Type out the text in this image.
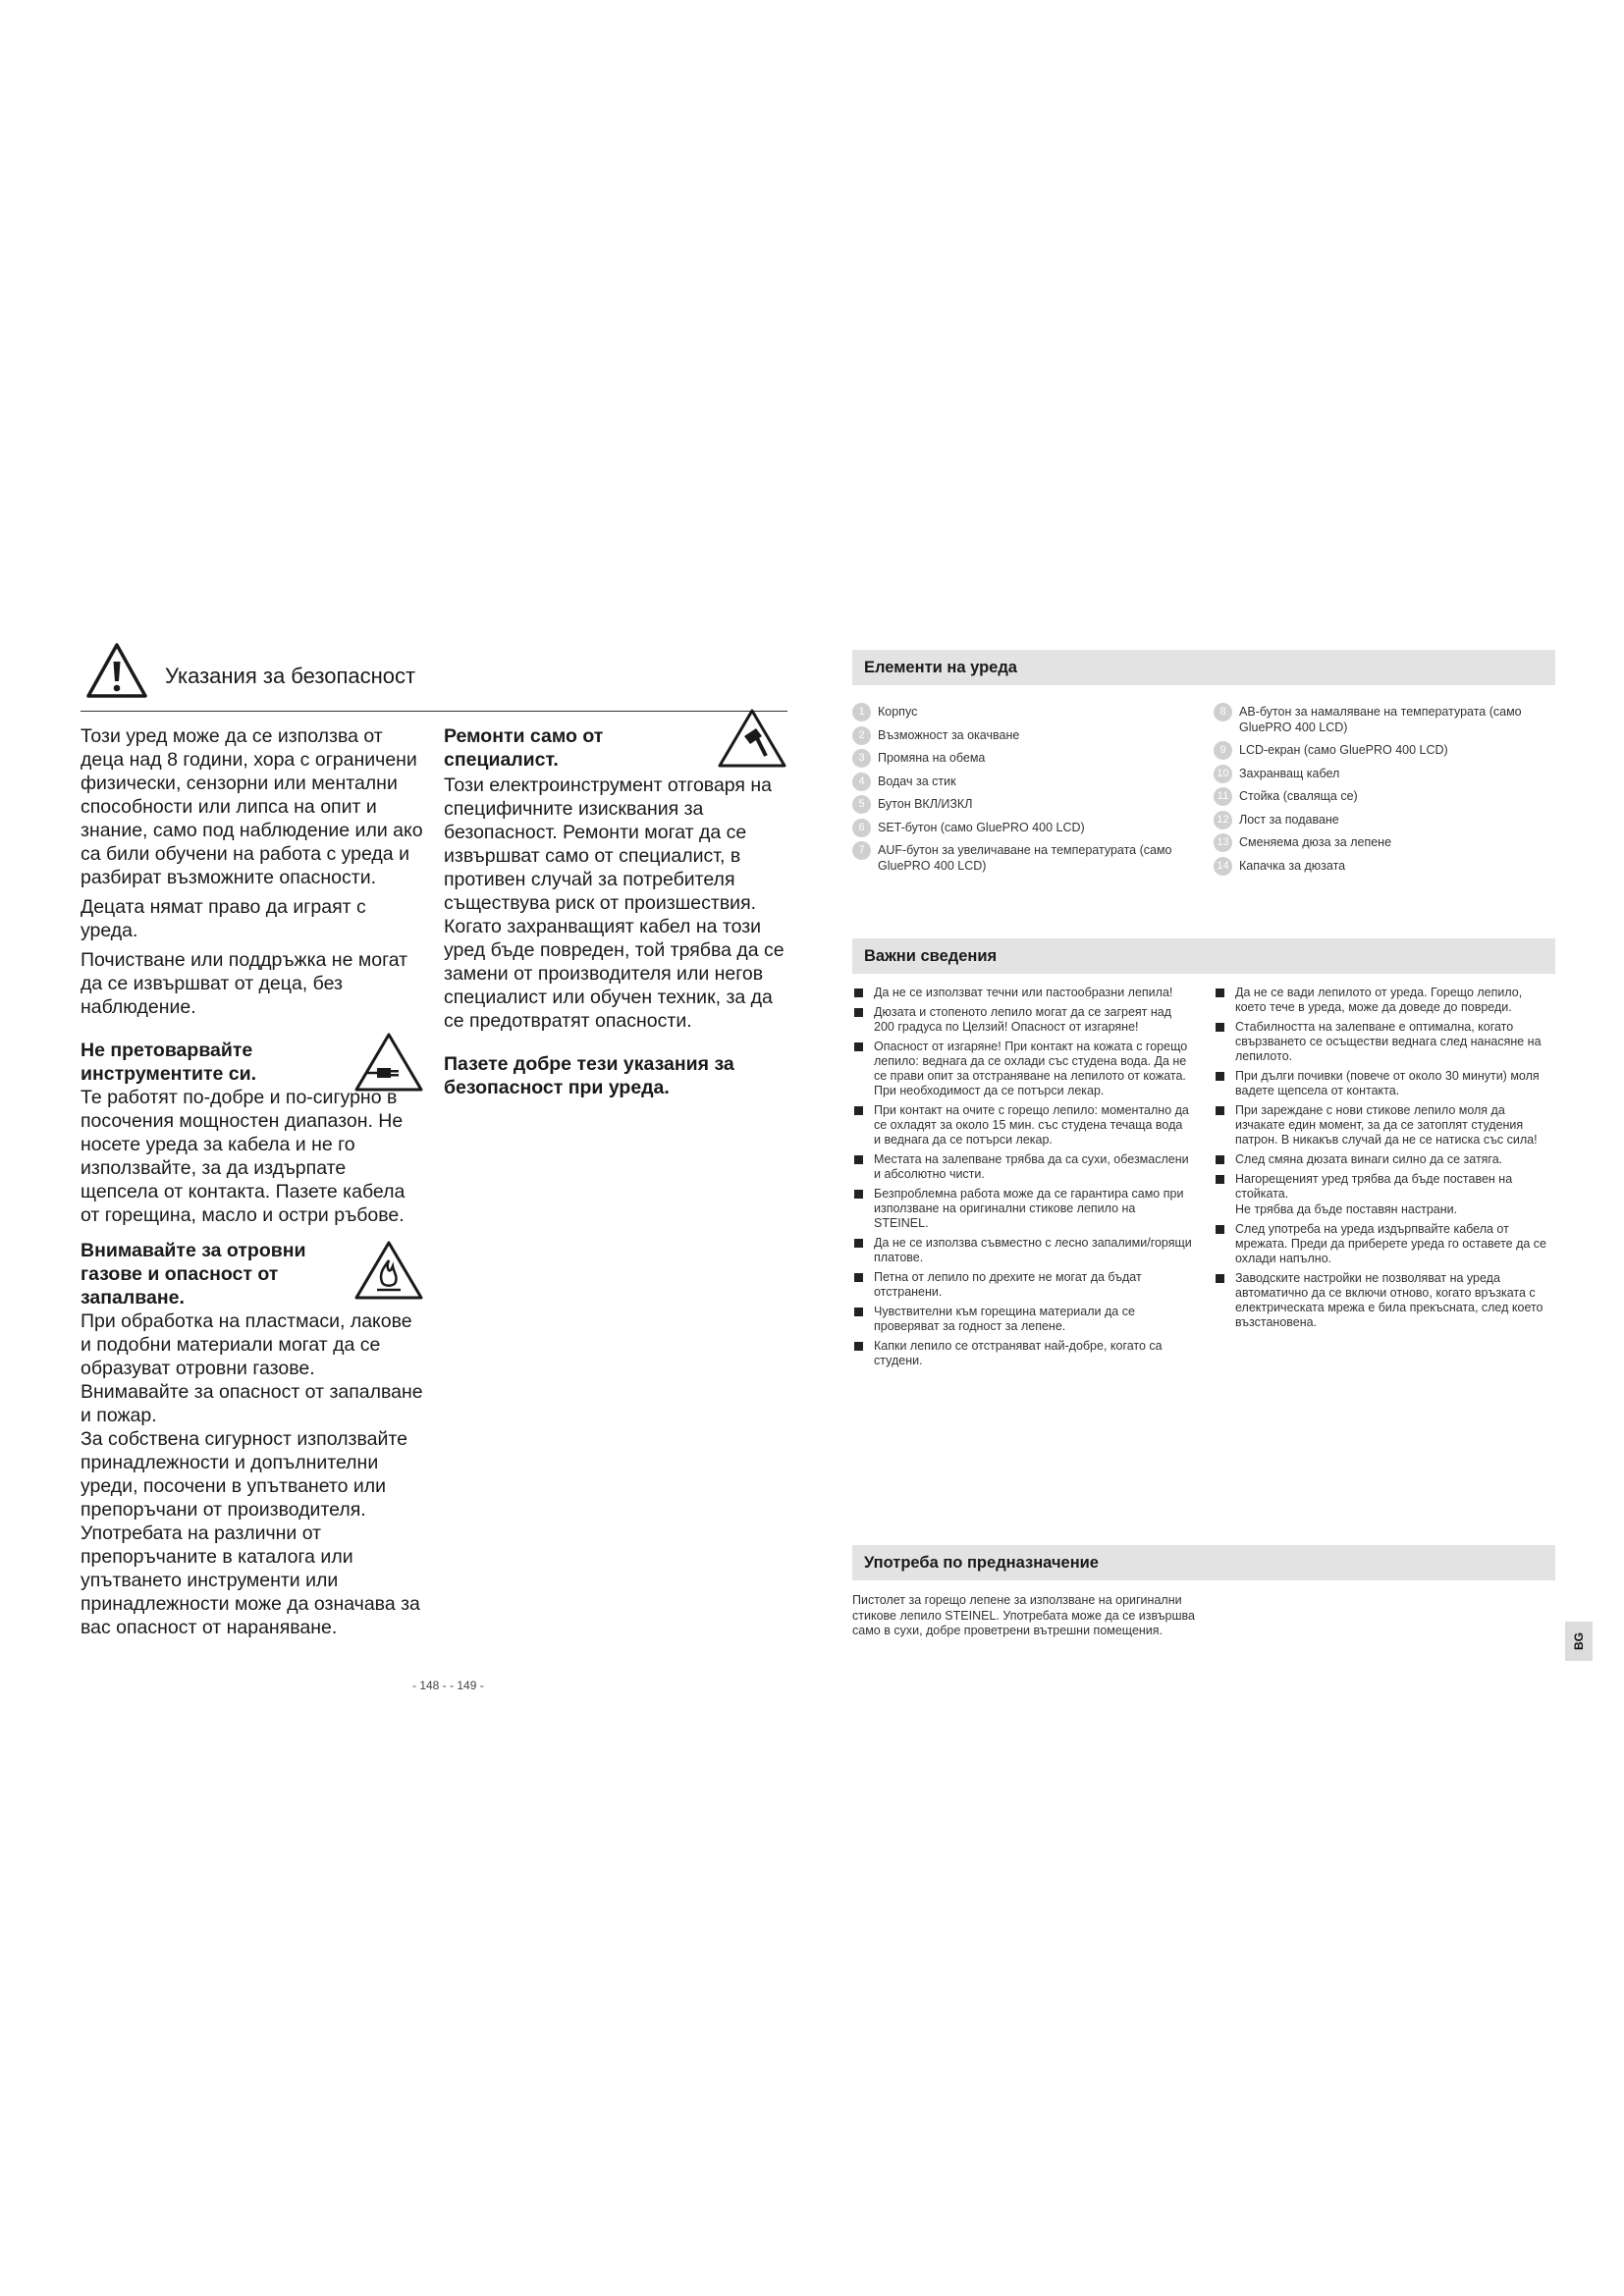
Указания за безопасност

Този уред може да се използва от деца над 8 години, хора с ограничени физически, сензорни или ментални способности или липса на опит и знание, само под наблюдение или ако са били обучени на работа с уреда и разбират възможните опасности.

Децата нямат право да играят с уреда.

Почистване или поддръжка не могат да се извършват от деца, без наблюдение.

Не претоварвайте инструментите си.

Те работят по-добре и по-сигурно в посочения мощностен диапазон. Не носете уреда за кабела и не го използвайте, за да издърпате щепсела от контакта. Пазете кабела от горещина, масло и остри ръбове.

Внимавайте за отровни газове и опасност от запалване.

При обработка на пластмаси, лакове и подобни материали могат да се образуват отровни газове. Внимавайте за опасност от запалване и пожар.

За собствена сигурност използвайте принадлежности и допълнителни уреди, посочени в упътването или препоръчани от производителя. Употребата на различни от препоръчаните в каталога или упътването инструменти или принадлежности може да означава за вас опасност от нараняване.

Ремонти само от специалист.

Този електроинструмент отговаря на специфичните изисквания за безопасност. Ремонти могат да се извършват само от специалист, в противен случай за потребителя съществува риск от произшествия. Когато захранващият кабел на този уред бъде повреден, той трябва да се замени от производителя или негов специалист или обучен техник, за да се предотвратят опасности.

Пазете добре тези указания за безопасност при уреда.
- 148 - - 149 -
Елементи на уреда
1	Корпус
2	Възможност за окачване
3	Промяна на обема
4	Водач за стик
5	Бутон ВКЛ/ИЗКЛ
6	SET-бутон (само GluePRO 400 LCD)
7	AUF-бутон за увеличаване на температурата (само GluePRO 400 LCD)
8	AB-бутон за намаляване на температурата (само GluePRO 400 LCD)
9	LCD-екран (само GluePRO 400 LCD)
10 Захранващ кабел
11 Стойка (сваляща се)
12 Лост за подаване
13 Сменяема дюза за лепене
14 Капачка за дюзата
Важни сведения
Да не се използват течни или пастообразни лепила!
Дюзата и стопеното лепило могат да се загреят над 200 градуса по Целзий! Опасност от изгаряне!
Опасност от изгаряне! При контакт на кожата с горещо лепило: веднага да се охлади със студена вода. Да не се прави опит за отстраняване на лепилото от кожата. При необходимост да се потърси лекар.
При контакт на очите с горещо лепило: моментално да се охладят за около 15 мин. със студена течаща вода и веднага да се потърси лекар.
Местата на залепване трябва да са сухи, обезмаслени и абсолютно чисти.
Безпроблемна работа може да се гарантира само при използване на оригинални стикове лепило на STEINEL.
Да не се използва съвместно с лесно запалими/горящи платове.
Петна от лепило по дрехите не могат да бъдат отстранени.
Чувствителни към горещина материали да се проверяват за годност за лепене.
Капки лепило се отстраняват най-добре, когато са студени.
Да не се вади лепилото от уреда. Горещо лепило, което тече в уреда, може да доведе до повреди.
Стабилността на залепване е оптимална, когато свързването се осъществи веднага след нанасяне на лепилото.
При дълги почивки (повече от около 30 минути) моля вадете щепсела от контакта.
При зареждане с нови стикове лепило моля да изчакате един момент, за да се затоплят студения патрон. В никакъв случай да не се натиска със сила!
След смяна дюзата винаги силно да се затяга.
Нагорещеният уред трябва да бъде поставен на стойката.
Не трябва да бъде поставян настрани.
След употреба на уреда издърпвайте кабела от мрежата. Преди да приберете уреда го оставете да се охлади напълно.
Заводските настройки не позволяват на уреда автоматично да се включи отново, когато връзката с електрическата мрежа е била прекъсната, след което възстановена.
Употреба по предназначение
Пистолет за горещо лепене за използване на оригинални стикове лепило STEINEL. Употребата може да се извършва само в сухи, добре проветрени вътрешни помещения.
BG
